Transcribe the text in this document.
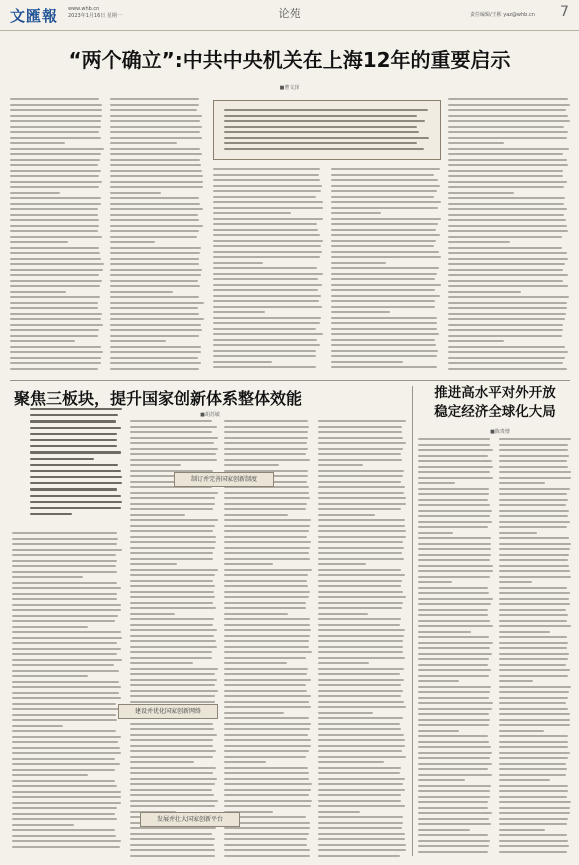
文匯報 www.whb.cn
2023年1月16日 星期一	论苑	责任编辑/王彬 yaz@whb.cn 7
“两个确立”:中共中央机关在上海12年的重要启示
■曹文泽
聚焦三板块，提升国家创新体系整体效能
■胡苏敏
制订并完善国家创新制度
建设并优化国家创新网络
发展并壮大国家创新平台
推进高水平对外开放
稳定经济全球化大局
■陈贵增
